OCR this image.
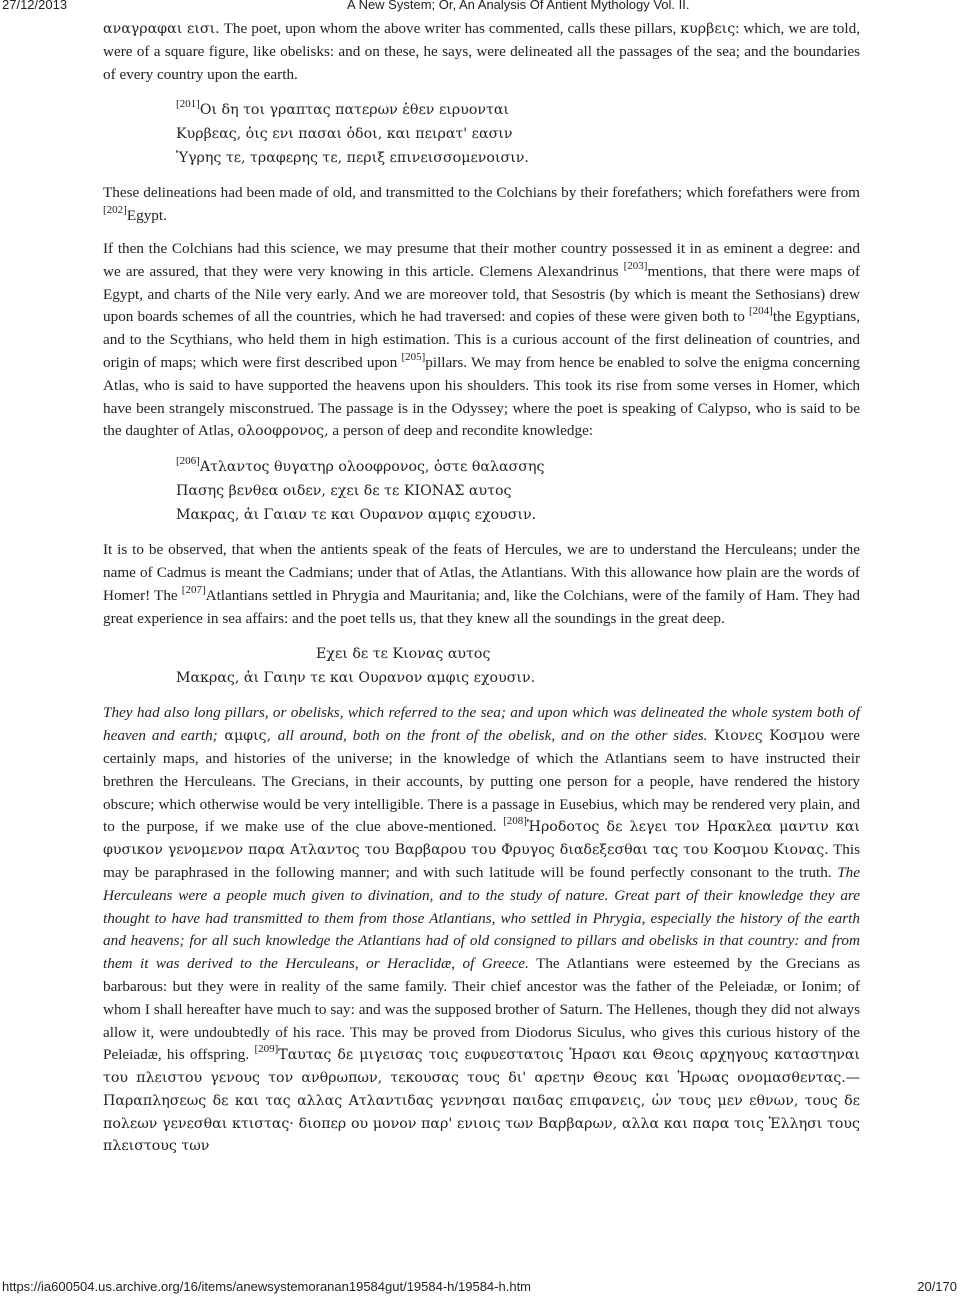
27/12/2013	A New System; Or, An Analysis Of Antient Mythology Vol. II.

αναγραφαι εισι. The poet, upon whom the above writer has commented, calls these pillars, κυρβεις: which, we are told, were of a square figure, like obelisks: and on these, he says, were delineated all the passages of the sea; and the boundaries of every country upon the earth.

[201]Οι δη τοι γραπτας πατερων ἑθεν ειρυονται
Κυρβεας, ὁις ενι πασαι ὁδοι, και πειρατ' εασιν
Ὑγρης τε, τραφερης τε, περιξ επινεισσομενοισιν.

These delineations had been made of old, and transmitted to the Colchians by their forefathers; which forefathers were from [202]Egypt.

If then the Colchians had this science, we may presume that their mother country possessed it in as eminent a degree: and we are assured, that they were very knowing in this article. Clemens Alexandrinus [203]mentions, that there were maps of Egypt, and charts of the Nile very early. And we are moreover told, that Sesostris (by which is meant the Sethosians) drew upon boards schemes of all the countries, which he had traversed: and copies of these were given both to [204]the Egyptians, and to the Scythians, who held them in high estimation. This is a curious account of the first delineation of countries, and origin of maps; which were first described upon [205]pillars. We may from hence be enabled to solve the enigma concerning Atlas, who is said to have supported the heavens upon his shoulders. This took its rise from some verses in Homer, which have been strangely misconstrued. The passage is in the Odyssey; where the poet is speaking of Calypso, who is said to be the daughter of Atlas, ολοοφρονος, a person of deep and recondite knowledge:

[206]Ατλαντος θυγατηρ ολοοφρονος, ὁστε θαλασσης
Πασης βενθεα οιδεν, εχει δε τε ΚΙΟΝΑΣ αυτος
Μακρας, ἁι Γαιαν τε και Ουρανον αμφις εχουσιν.

It is to be observed, that when the antients speak of the feats of Hercules, we are to understand the Herculeans; under the name of Cadmus is meant the Cadmians; under that of Atlas, the Atlantians. With this allowance how plain are the words of Homer! The [207]Atlantians settled in Phrygia and Mauritania; and, like the Colchians, were of the family of Ham. They had great experience in sea affairs: and the poet tells us, that they knew all the soundings in the great deep.

Εχει δε τε Κιονας αυτος
Μακρας, ἁι Γαιην τε και Ουρανον αμφις εχουσιν.

They had also long pillars, or obelisks, which referred to the sea; and upon which was delineated the whole system both of heaven and earth; αμφις, all around, both on the front of the obelisk, and on the other sides. Κιονες Κοσμου were certainly maps, and histories of the universe; in the knowledge of which the Atlantians seem to have instructed their brethren the Herculeans. The Grecians, in their accounts, by putting one person for a people, have rendered the history obscure; which otherwise would be very intelligible. There is a passage in Eusebius, which may be rendered very plain, and to the purpose, if we make use of the clue above-mentioned. [208]Ἡροδοτος δε λεγει τον Ηρακλεα μαντιν και φυσικον γενομενον παρα Ατλαντος του Βαρβαρου του Φρυγος διαδεξεσθαι τας του Κοσμου Κιονας. This may be paraphrased in the following manner; and with such latitude will be found perfectly consonant to the truth. The Herculeans were a people much given to divination, and to the study of nature. Great part of their knowledge they are thought to have had transmitted to them from those Atlantians, who settled in Phrygia, especially the history of the earth and heavens; for all such knowledge the Atlantians had of old consigned to pillars and obelisks in that country: and from them it was derived to the Herculeans, or Heraclidæ, of Greece. The Atlantians were esteemed by the Grecians as barbarous: but they were in reality of the same family. Their chief ancestor was the father of the Peleiadæ, or Ionim; of whom I shall hereafter have much to say: and was the supposed brother of Saturn. The Hellenes, though they did not always allow it, were undoubtedly of his race. This may be proved from Diodorus Siculus, who gives this curious history of the Peleiadæ, his offspring. [209]Ταυτας δε μιγεισας τοις ευφυεστατοις Ἡρασι και Θεοις αρχηγους καταστηναι του πλειστου γενους τον ανθρωπων, τεκουσας τους δι' αρετην Θεους και Ἡρωας ονομασθεντας.—Παραπλησεως δε και τας αλλας Ατλαντιδας γεννησαι παιδας επιφανεις, ὡν τους μεν εθνων, τους δε πολεων γενεσθαι κτιστας· διοπερ ου μονον παρ' ενιοις των Βαρβαρων, αλλα και παρα τοις Ἑλλησι τους πλειστους των

https://ia600504.us.archive.org/16/items/anewsystemoranan19584gut/19584-h/19584-h.htm	20/170
